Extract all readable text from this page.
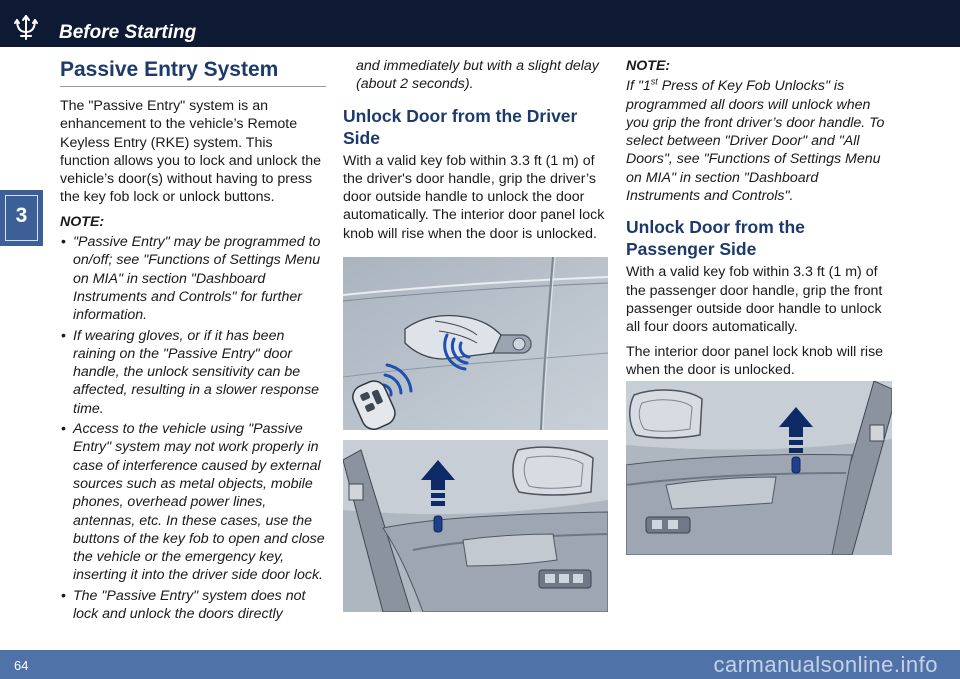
Before Starting
3
Passive Entry System

The "Passive Entry" system is an enhancement to the vehicle’s Remote Keyless Entry (RKE) system. This function allows you to lock and unlock the vehicle’s door(s) without having to press the key fob lock or unlock buttons.

NOTE:
• "Passive Entry" may be programmed to on/off; see "Functions of Settings Menu on MIA" in section "Dashboard Instruments and Controls" for further information.
• If wearing gloves, or if it has been raining on the "Passive Entry" door handle, the unlock sensitivity can be affected, resulting in a slower response time.
• Access to the vehicle using "Passive Entry" system may not work properly in case of interference caused by external sources such as metal objects, mobile phones, overhead power lines, antennas, etc. In these cases, use the buttons of the key fob to open and close the vehicle or the emergency key, inserting it into the driver side door lock.
• The "Passive Entry" system does not lock and unlock the doors directly
and immediately but with a slight delay (about 2 seconds).
Unlock Door from the Driver Side

With a valid key fob within 3.3 ft (1 m) of the driver's door handle, grip the driver’s door outside handle to unlock the door automatically. The interior door panel lock knob will rise when the door is unlocked.

NOTE:

If "1st Press of Key Fob Unlocks" is programmed all doors will unlock when you grip the front driver’s door handle. To select between "Driver Door" and "All Doors", see "Functions of Settings Menu on MIA" in section "Dashboard Instruments and Controls".

Unlock Door from the Passenger Side

With a valid key fob within 3.3 ft (1 m) of the passenger door handle, grip the front passenger outside door handle to unlock all four doors automatically.

The interior door panel lock knob will rise when the door is unlocked.

64	carmanualsonline.info
